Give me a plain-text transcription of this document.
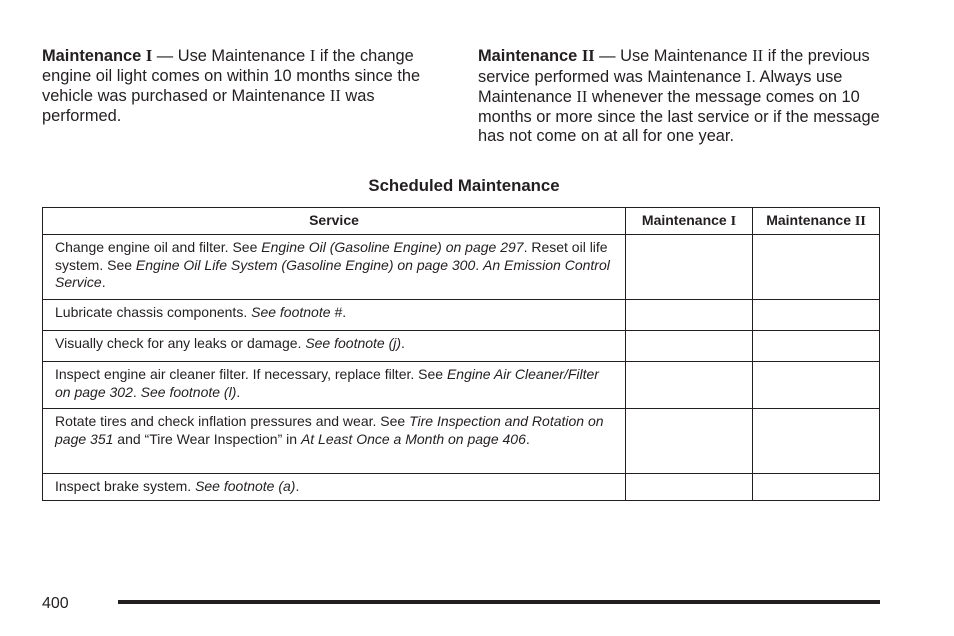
Maintenance I — Use Maintenance I if the change engine oil light comes on within 10 months since the vehicle was purchased or Maintenance II was performed.
Maintenance II — Use Maintenance II if the previous service performed was Maintenance I. Always use Maintenance II whenever the message comes on 10 months or more since the last service or if the message has not come on at all for one year.
Scheduled Maintenance
Service	Maintenance I	Maintenance II
Change engine oil and filter. See Engine Oil (Gasoline Engine) on page 297. Reset oil life system. See Engine Oil Life System (Gasoline Engine) on page 300. An Emission Control Service.		
Lubricate chassis components. See footnote #.		
Visually check for any leaks or damage. See footnote (j).		
Inspect engine air cleaner filter. If necessary, replace filter. See Engine Air Cleaner/Filter on page 302. See footnote (l).		
Rotate tires and check inflation pressures and wear. See Tire Inspection and Rotation on page 351 and “Tire Wear Inspection” in At Least Once a Month on page 406.		
Inspect brake system. See footnote (a).		
400
